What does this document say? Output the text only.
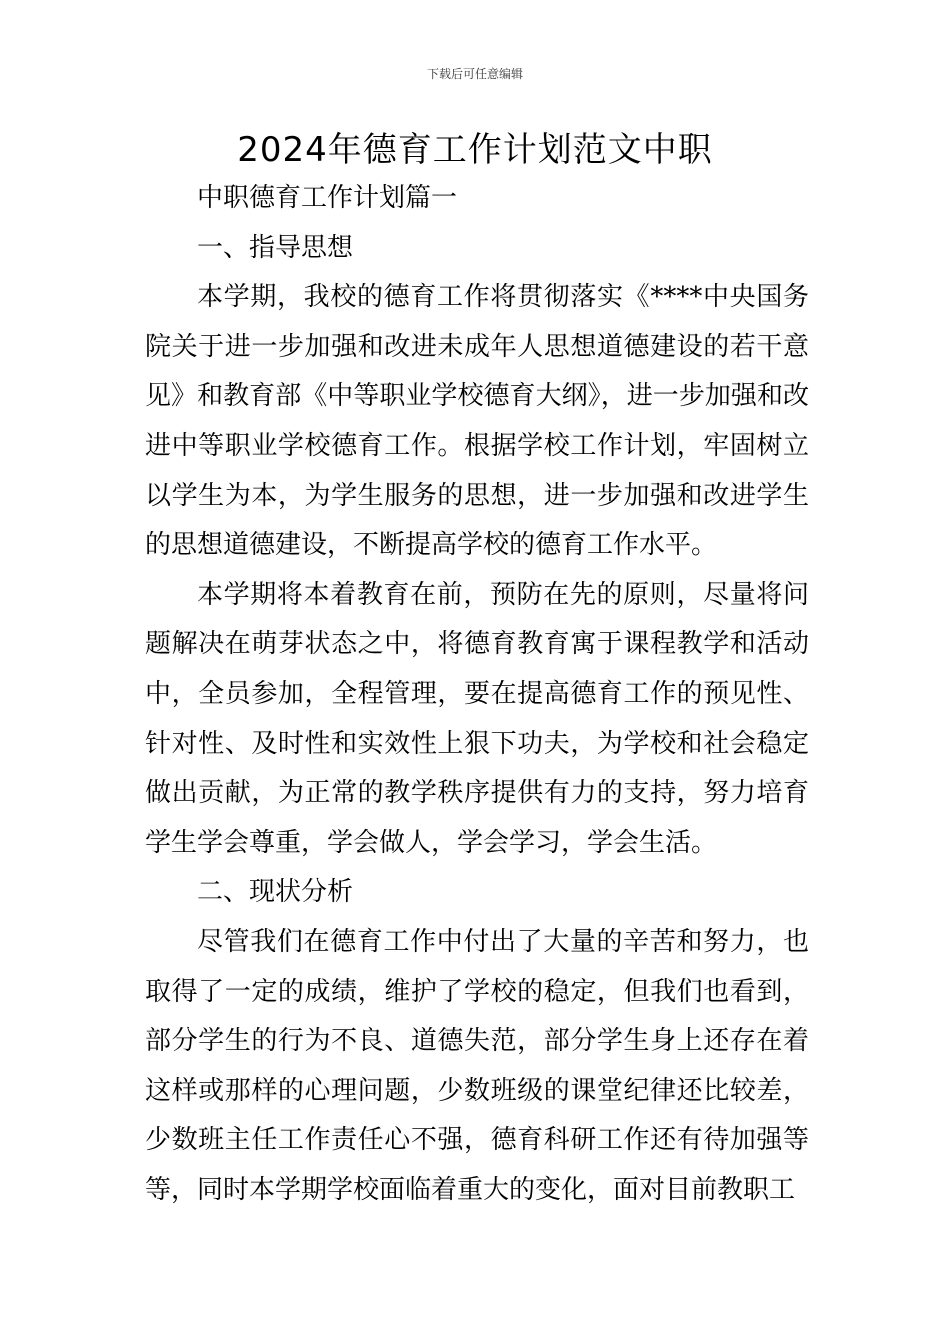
下载后可任意编辑
2024年德育工作计划范文中职

中职德育工作计划篇一

一、指导思想

本学期，我校的德育工作将贯彻落实《****中央国务院关于进一步加强和改进未成年人思想道德建设的若干意见》和教育部《中等职业学校德育大纲》，进一步加强和改进中等职业学校德育工作。根据学校工作计划，牢固树立以学生为本，为学生服务的思想，进一步加强和改进学生的思想道德建设，不断提高学校的德育工作水平。

本学期将本着教育在前，预防在先的原则，尽量将问题解决在萌芽状态之中，将德育教育寓于课程教学和活动中，全员参加，全程管理，要在提高德育工作的预见性、针对性、及时性和实效性上狠下功夫，为学校和社会稳定做出贡献，为正常的教学秩序提供有力的支持，努力培育学生学会尊重，学会做人，学会学习，学会生活。

二、现状分析

尽管我们在德育工作中付出了大量的辛苦和努力，也取得了一定的成绩，维护了学校的稳定，但我们也看到，部分学生的行为不良、道德失范，部分学生身上还存在着这样或那样的心理问题，少数班级的课堂纪律还比较差，少数班主任工作责任心不强，德育科研工作还有待加强等等，同时本学期学校面临着重大的变化，面对目前教职工
